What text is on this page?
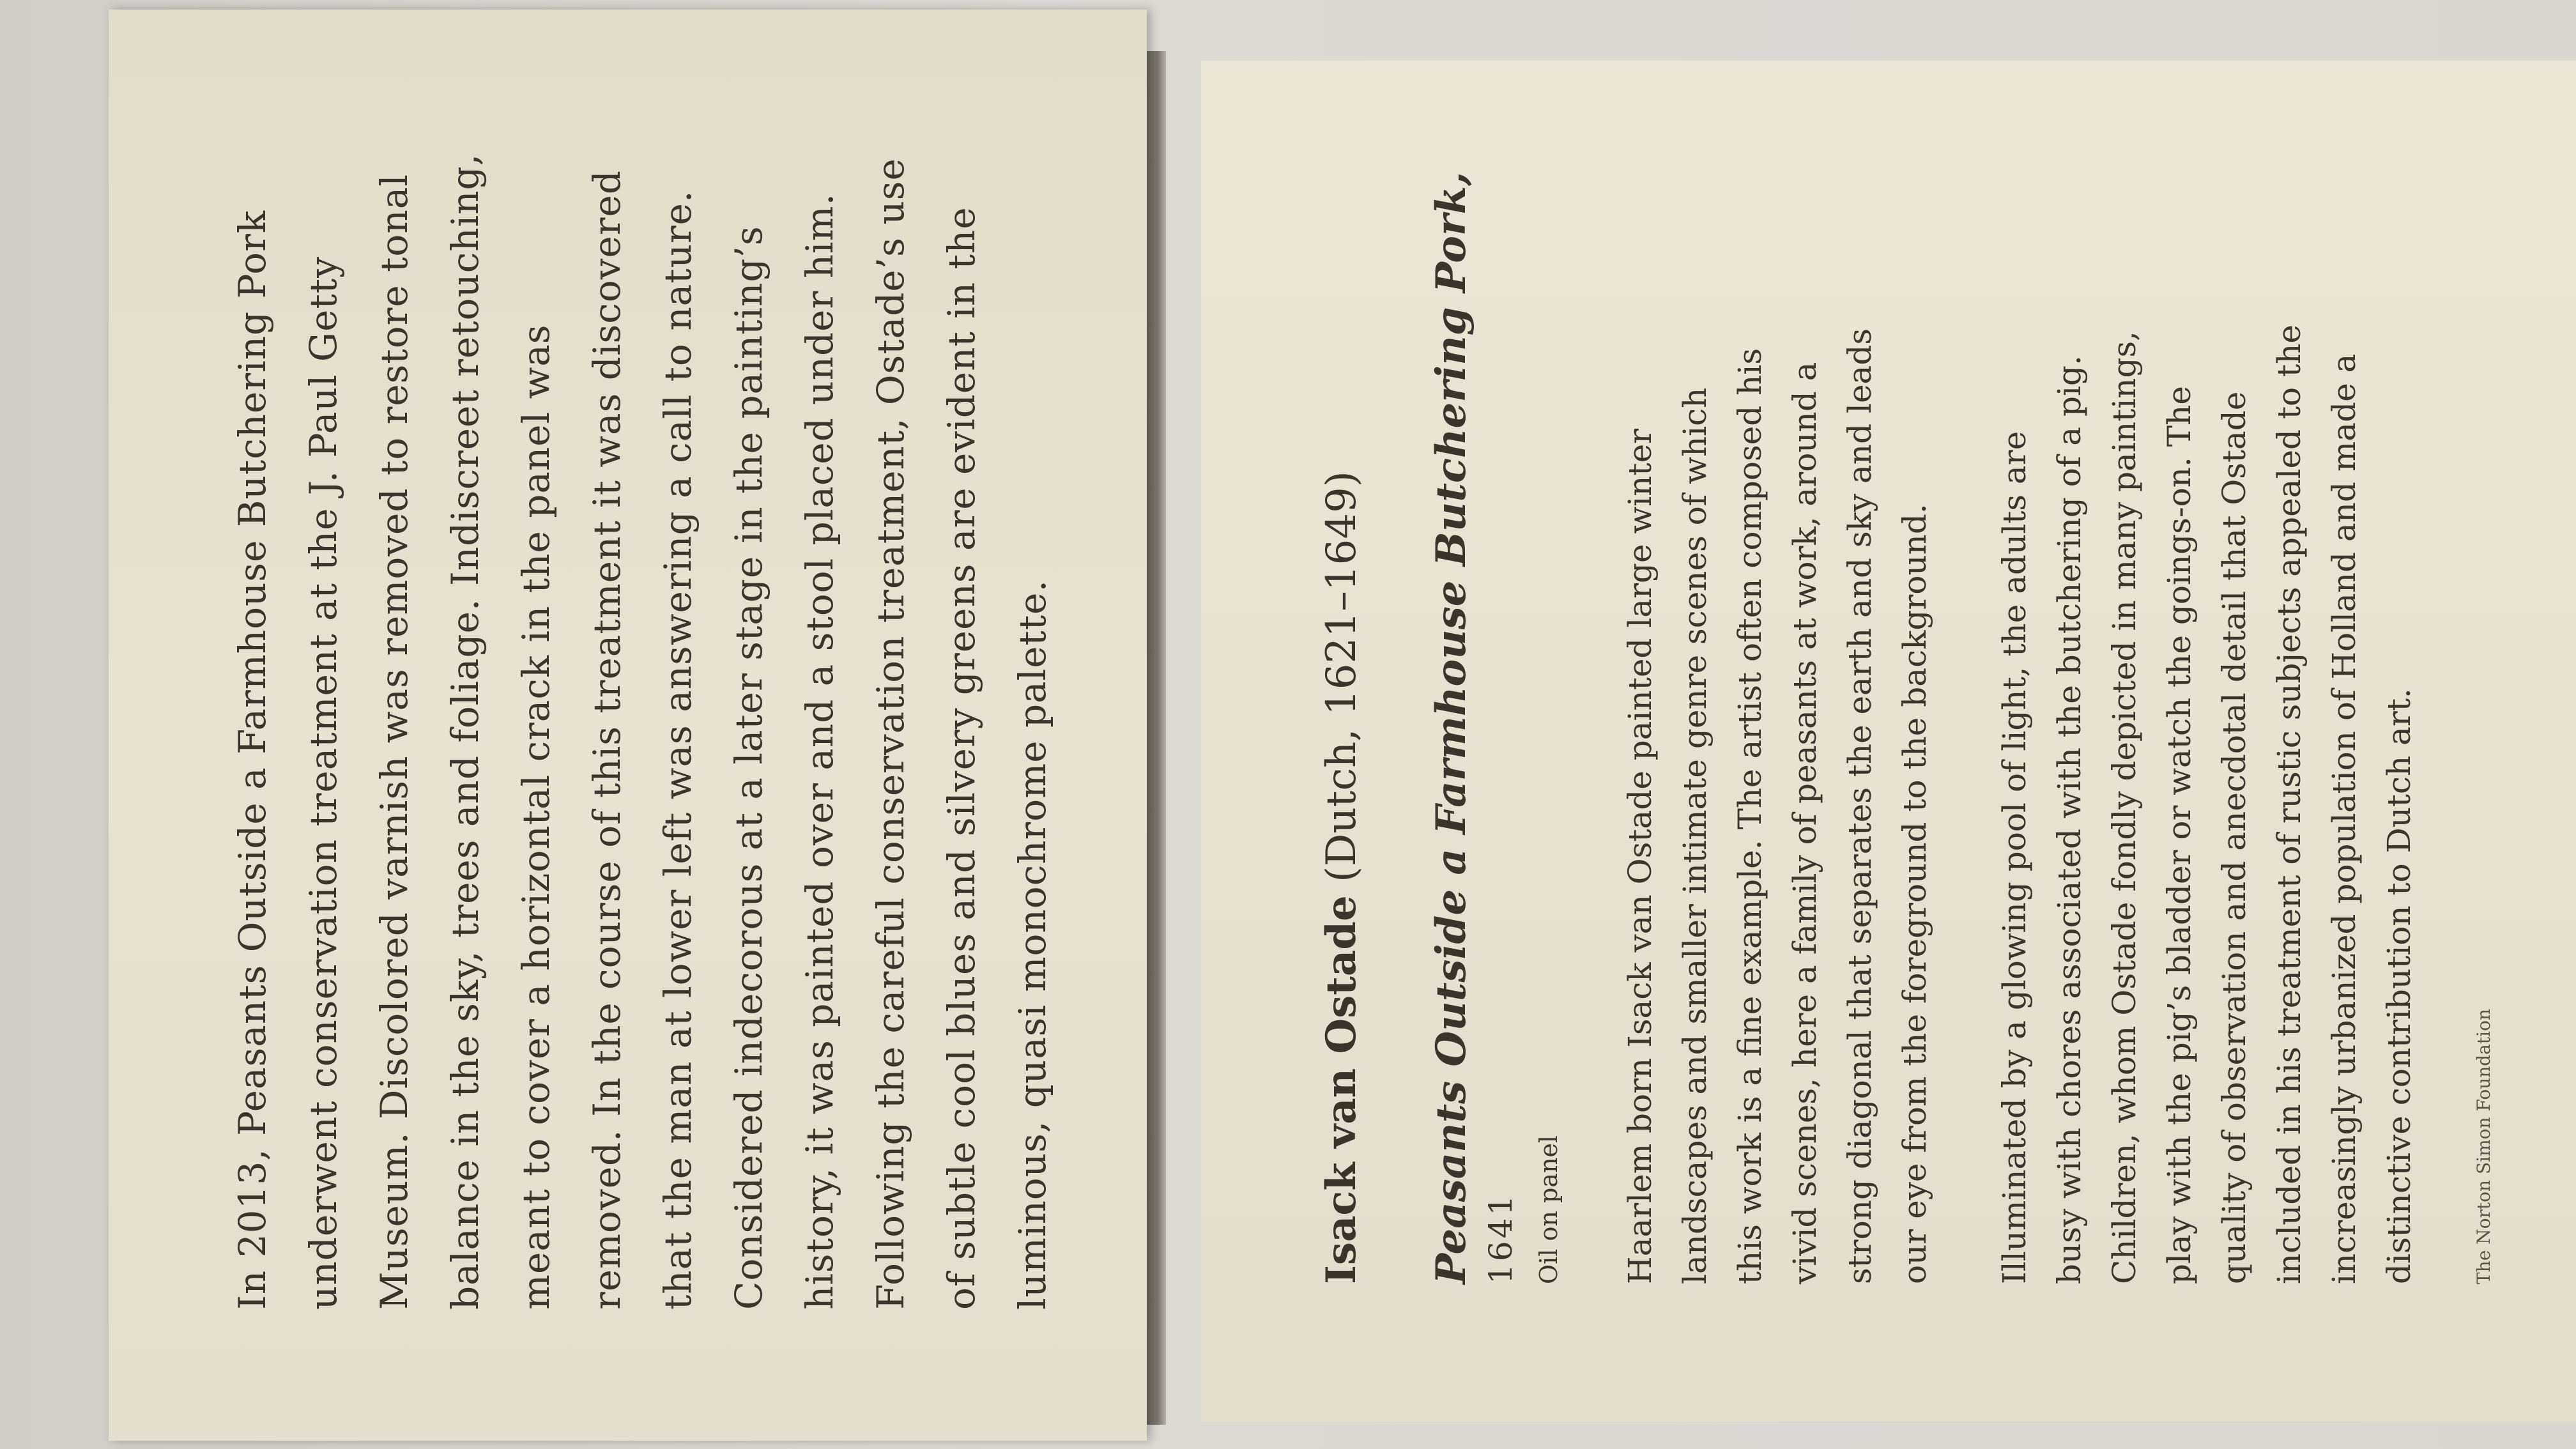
In 2013, Peasants Outside a Farmhouse Butchering Pork underwent conservation treatment at the J. Paul Getty Museum. Discolored varnish was removed to restore tonal balance in the sky, trees and foliage. Indiscreet retouching, meant to cover a horizontal crack in the panel was removed. In the course of this treatment it was discovered that the man at lower left was answering a call to nature. Considered indecorous at a later stage in the painting’s history, it was painted over and a stool placed under him. Following the careful conservation treatment, Ostade’s use of subtle cool blues and silvery greens are evident in the luminous, quasi monochrome palette.	Isack van Ostade (Dutch, 1621–1649) Peasants Outside a Farmhouse Butchering Pork, 1641 Oil on panel Haarlem born Isack van Ostade painted large winter landscapes and smaller intimate genre scenes of which this work is a fine example. The artist often composed his vivid scenes, here a family of peasants at work, around a strong diagonal that separates the earth and sky and leads our eye from the foreground to the background. Illuminated by a glowing pool of light, the adults are busy with chores associated with the butchering of a pig. Children, whom Ostade fondly depicted in many paintings, play with the pig’s bladder or watch the goings-on. The quality of observation and anecdotal detail that Ostade included in his treatment of rustic subjects appealed to the increasingly urbanized population of Holland and made a distinctive contribution to Dutch art.	The Norton Simon Foundation
